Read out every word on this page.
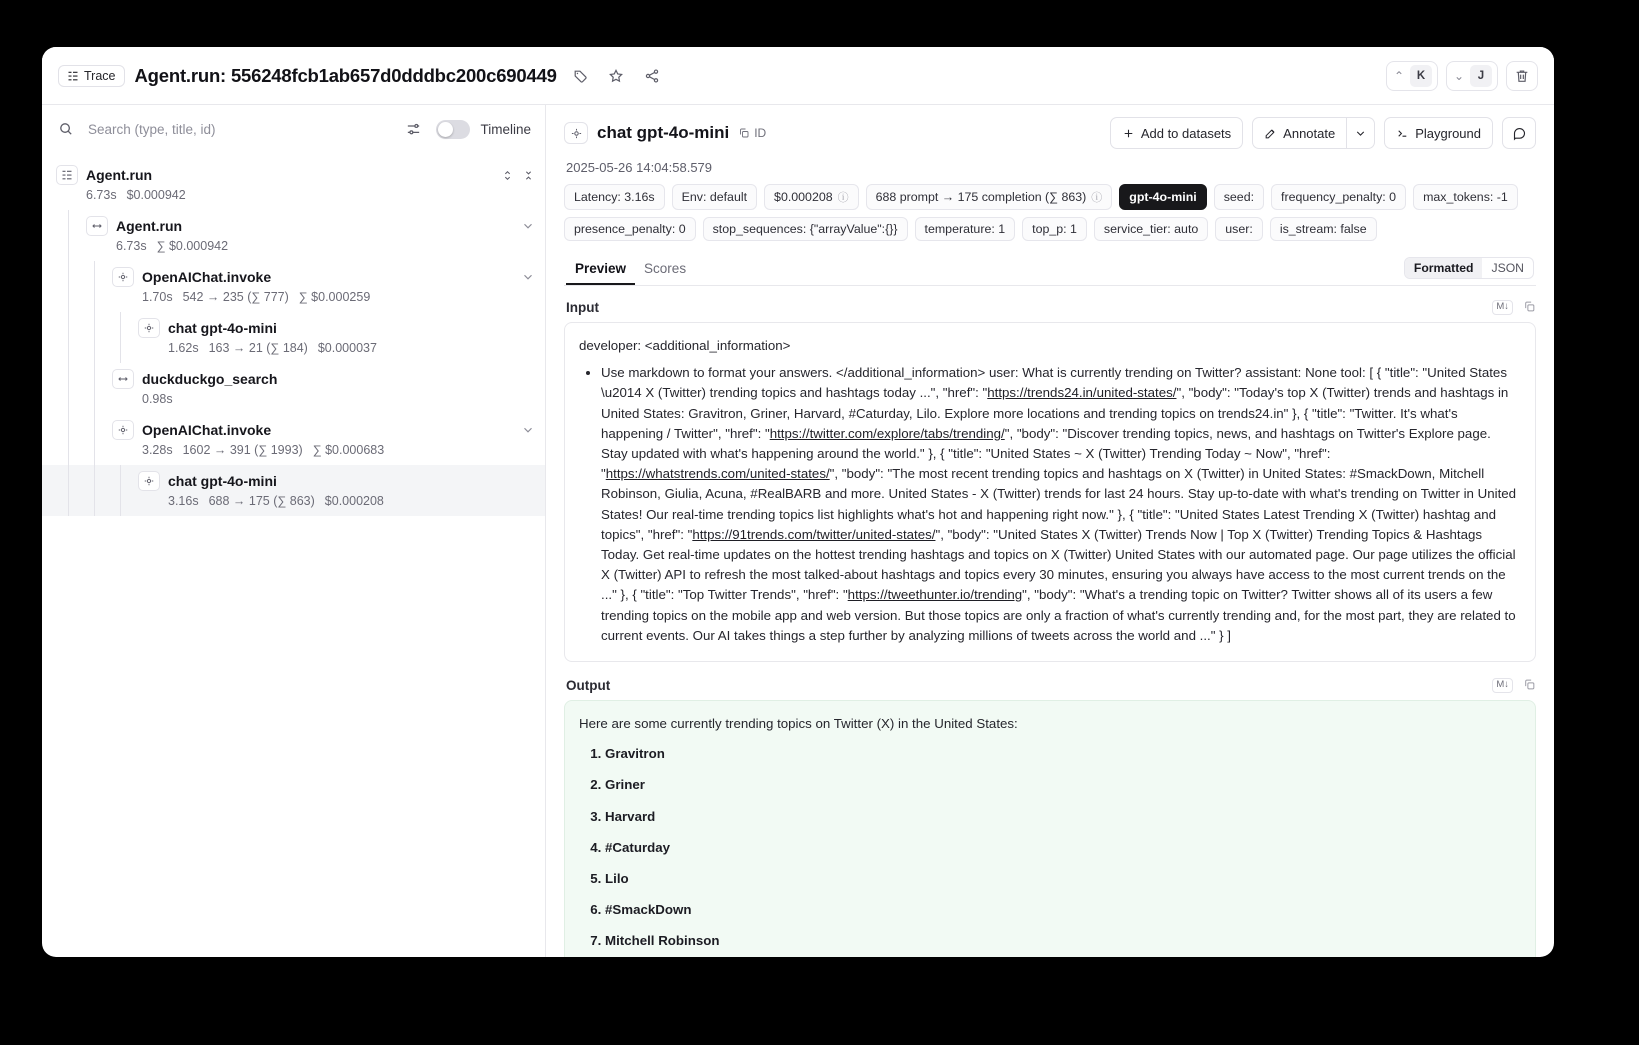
Trace Agent.run: 556248fcb1ab657d0dddbc200c690449	⌃	K	⌄	J
Search (type, title, id)
Timeline
Agent.run
6.73s $0.000942
Agent.run
6.73s ∑ $0.000942
OpenAIChat.invoke
1.70s 542 → 235 (∑ 777) ∑ $0.000259
chat gpt-4o-mini
1.62s 163 → 21 (∑ 184) $0.000037
duckduckgo_search
0.98s
OpenAIChat.invoke
3.28s 1602 → 391 (∑ 1993) ∑ $0.000683
chat gpt-4o-mini
3.16s 688 → 175 (∑ 863) $0.000208
chat gpt-4o-mini ID	Add to datasets	Annotate	Playground
2025-05-26 14:04:58.579
Latency: 3.16s Env: default $0.000208 ⓘ 688 prompt → 175 completion (∑ 863) ⓘ gpt-4o-mini seed: frequency_penalty: 0 max_tokens: -1
presence_penalty: 0 stop_sequences: {"arrayValue":{}} temperature: 1 top_p: 1 service_tier: auto user: is_stream: false
Preview	Scores	Formatted	JSON
Input	M↓
developer: <additional_information>
• Use markdown to format your answers. </additional_information> user: What is currently trending on Twitter? assistant: None tool: [ { "title": "United States \u2014 X (Twitter) trending topics and hashtags today ...", "href": "https://trends24.in/united-states/", "body": "Today's top X (Twitter) trends and hashtags in United States: Gravitron, Griner, Harvard, #Caturday, Lilo. Explore more locations and trending topics on trends24.in" }, { "title": "Twitter. It's what's happening / Twitter", "href": "https://twitter.com/explore/tabs/trending/", "body": "Discover trending topics, news, and hashtags on Twitter's Explore page. Stay updated with what's happening around the world." }, { "title": "United States ~ X (Twitter) Trending Today ~ Now", "href": "https://whatstrends.com/united-states/", "body": "The most recent trending topics and hashtags on X (Twitter) in United States: #SmackDown, Mitchell Robinson, Giulia, Acuna, #RealBARB and more. United States - X (Twitter) trends for last 24 hours. Stay up-to-date with what's trending on Twitter in United States! Our real-time trending topics list highlights what's hot and happening right now." }, { "title": "United States Latest Trending X (Twitter) hashtag and topics", "href": "https://91trends.com/twitter/united-states/", "body": "United States X (Twitter) Trends Now | Top X (Twitter) Trending Topics & Hashtags Today. Get real-time updates on the hottest trending hashtags and topics on X (Twitter) United States with our automated page. Our page utilizes the official X (Twitter) API to refresh the most talked-about hashtags and topics every 30 minutes, ensuring you always have access to the most current trends on the ..." }, { "title": "Top Twitter Trends", "href": "https://tweethunter.io/trending", "body": "What's a trending topic on Twitter? Twitter shows all of its users a few trending topics on the mobile app and web version. But those topics are only a fraction of what's currently trending and, for the most part, they are related to current events. Our AI takes things a step further by analyzing millions of tweets across the world and ..." } ]
Output	M↓

Here are some currently trending topics on Twitter (X) in the United States:

1. Gravitron
2. Griner
3. Harvard
4. #Caturday
5. Lilo
6. #SmackDown
7. Mitchell Robinson
